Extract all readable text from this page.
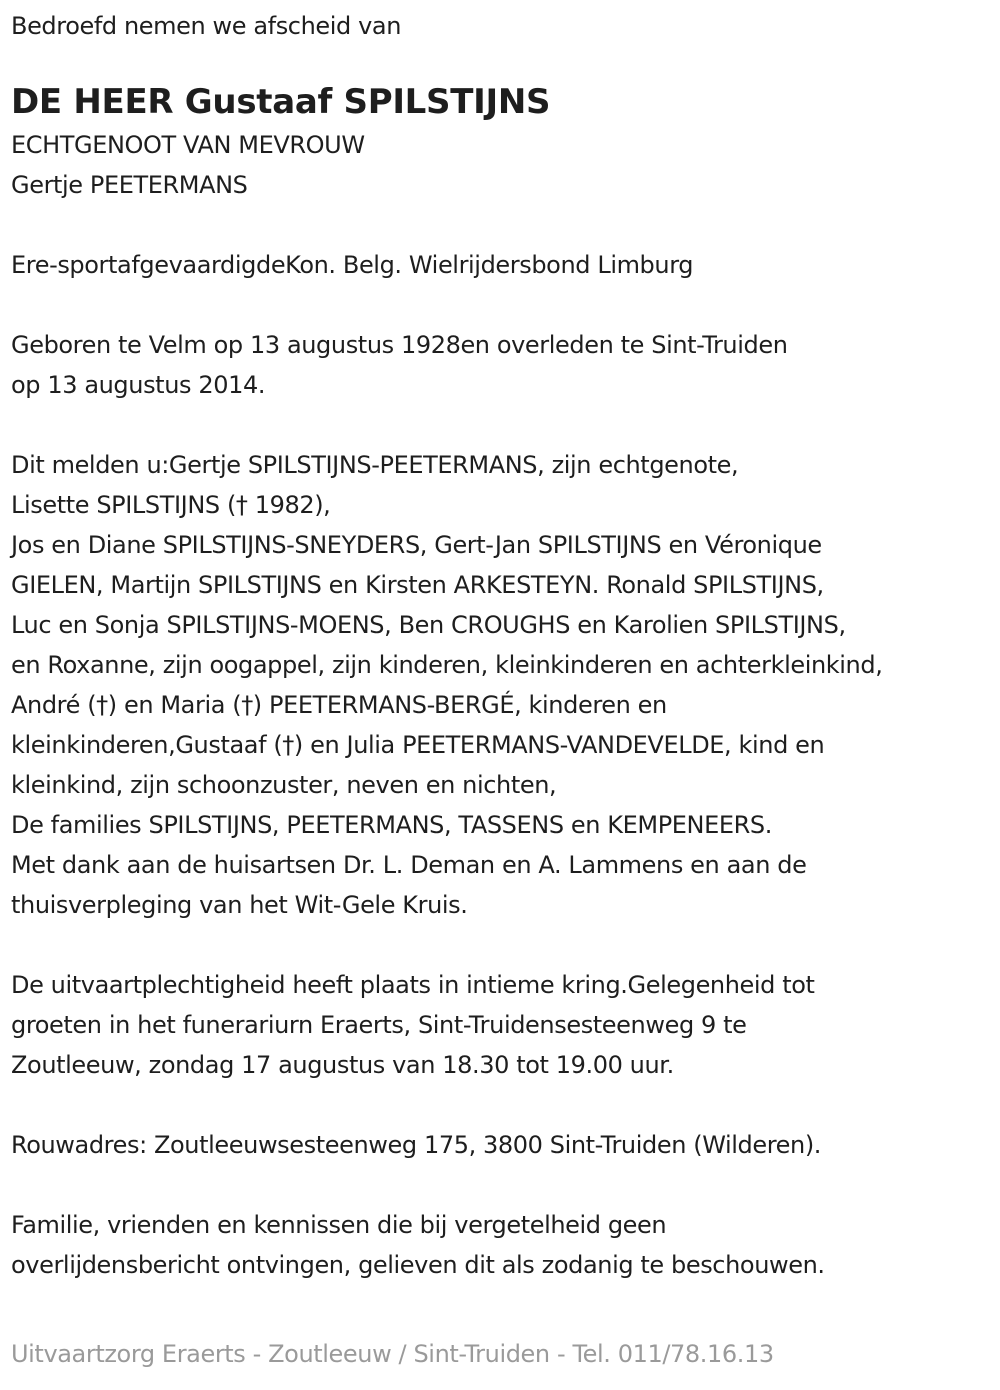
Bedroefd nemen we afscheid van
DE HEER Gustaaf SPILSTIJNS
ECHTGENOOT VAN MEVROUW
Gertje PEETERMANS
Ere-sportafgevaardigdeKon. Belg. Wielrijdersbond Limburg
Geboren te Velm op 13 augustus 1928en overleden te Sint-Truiden
op 13 augustus 2014.
Dit melden u:Gertje SPILSTIJNS-PEETERMANS, zijn echtgenote,
Lisette SPILSTIJNS († 1982),
Jos en Diane SPILSTIJNS-SNEYDERS, Gert-Jan SPILSTIJNS en Véronique
GIELEN, Martijn SPILSTIJNS en Kirsten ARKESTEYN. Ronald SPILSTIJNS,
Luc en Sonja SPILSTIJNS-MOENS, Ben CROUGHS en Karolien SPILSTIJNS,
en Roxanne, zijn oogappel, zijn kinderen, kleinkinderen en achterkleinkind,
André (†) en Maria (†) PEETERMANS-BERGÉ, kinderen en
kleinkinderen,Gustaaf (†) en Julia PEETERMANS-VANDEVELDE, kind en
kleinkind, zijn schoonzuster, neven en nichten,
De families SPILSTIJNS, PEETERMANS, TASSENS en KEMPENEERS.
Met dank aan de huisartsen Dr. L. Deman en A. Lammens en aan de
thuisverpleging van het Wit-Gele Kruis.
De uitvaartplechtigheid heeft plaats in intieme kring.Gelegenheid tot
groeten in het funerariurn Eraerts, Sint-Truidensesteenweg 9 te
Zoutleeuw, zondag 17 augustus van 18.30 tot 19.00 uur.
Rouwadres: Zoutleeuwsesteenweg 175, 3800 Sint-Truiden (Wilderen).
Familie, vrienden en kennissen die bij vergetelheid geen
overlijdensbericht ontvingen, gelieven dit als zodanig te beschouwen.
Uitvaartzorg Eraerts - Zoutleeuw / Sint-Truiden - Tel. 011/78.16.13
